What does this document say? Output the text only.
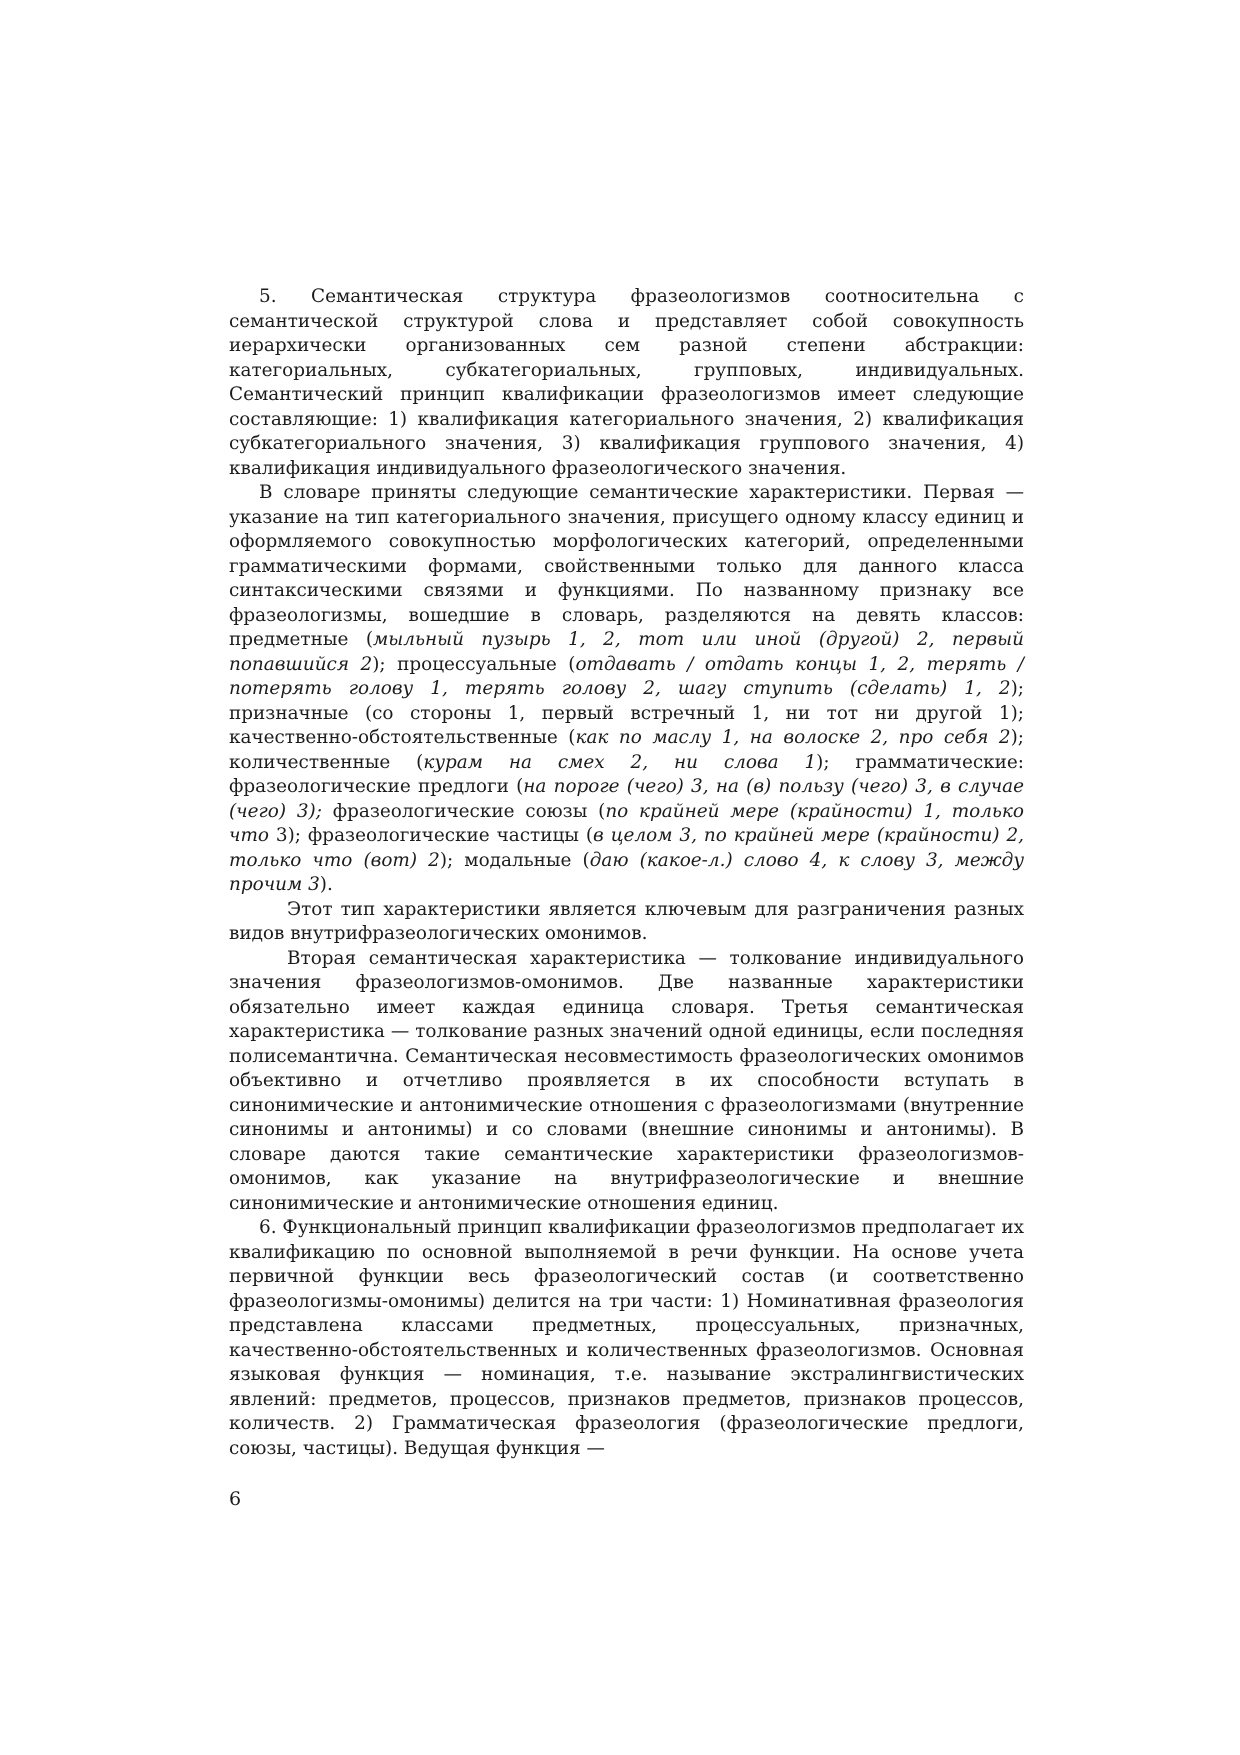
5. Семантическая структура фразеологизмов соотносительна с семантической структурой слова и представляет собой совокупность иерархически организованных сем разной степени абстракции: категориальных, субкатегориальных, групповых, индивидуальных. Семантический принцип квалификации фразеологизмов имеет следующие составляющие: 1) квалификация категориального значения, 2) квалификация субкатегориального значения, 3) квалификация группового значения, 4) квалификация индивидуального фразеологического значения.

В словаре приняты следующие семантические характеристики. Первая — указание на тип категориального значения, присущего одному классу единиц и оформляемого совокупностью морфологических категорий, определенными грамматическими формами, свойственными только для данного класса синтаксическими связями и функциями. По названному признаку все фразеологизмы, вошедшие в словарь, разделяются на девять классов: предметные (мыльный пузырь 1, 2, тот или иной (другой) 2, первый попавшийся 2); процессуальные (отдавать / отдать концы 1, 2, терять / потерять голову 1, терять голову 2, шагу ступить (сделать) 1, 2); призначные (со стороны 1, первый встречный 1, ни тот ни другой 1); качественно-обстоятельственные (как по маслу 1, на волоске 2, про себя 2); количественные (курам на смех 2, ни слова 1); грамматические: фразеологические предлоги (на пороге (чего) 3, на (в) пользу (чего) 3, в случае (чего) 3); фразеологические союзы (по крайней мере (крайности) 1, только что 3); фразеологические частицы (в целом 3, по крайней мере (крайности) 2, только что (вот) 2); модальные (даю (какое-л.) слово 4, к слову 3, между прочим 3).

Этот тип характеристики является ключевым для разграничения разных видов внутрифразеологических омонимов.

Вторая семантическая характеристика — толкование индивидуального значения фразеологизмов-омонимов. Две названные характеристики обязательно имеет каждая единица словаря. Третья семантическая характеристика — толкование разных значений одной единицы, если последняя полисемантична. Семантическая несовместимость фразеологических омонимов объективно и отчетливо проявляется в их способности вступать в синонимические и антонимические отношения с фразеологизмами (внутренние синонимы и антонимы) и со словами (внешние синонимы и антонимы). В словаре даются такие семантические характеристики фразеологизмов-омонимов, как указание на внутрифразеологические и внешние синонимические и антонимические отношения единиц.

6. Функциональный принцип квалификации фразеологизмов предполагает их квалификацию по основной выполняемой в речи функции. На основе учета первичной функции весь фразеологический состав (и соответственно фразеологизмы-омонимы) делится на три части: 1) Номинативная фразеология представлена классами предметных, процессуальных, призначных, качественно-обстоятельственных и количественных фразеологизмов. Основная языковая функция — номинация, т.е. называние экстралингвистических явлений: предметов, процессов, признаков предметов, признаков процессов, количеств. 2) Грамматическая фразеология (фразеологические предлоги, союзы, частицы). Ведущая функция —

6
